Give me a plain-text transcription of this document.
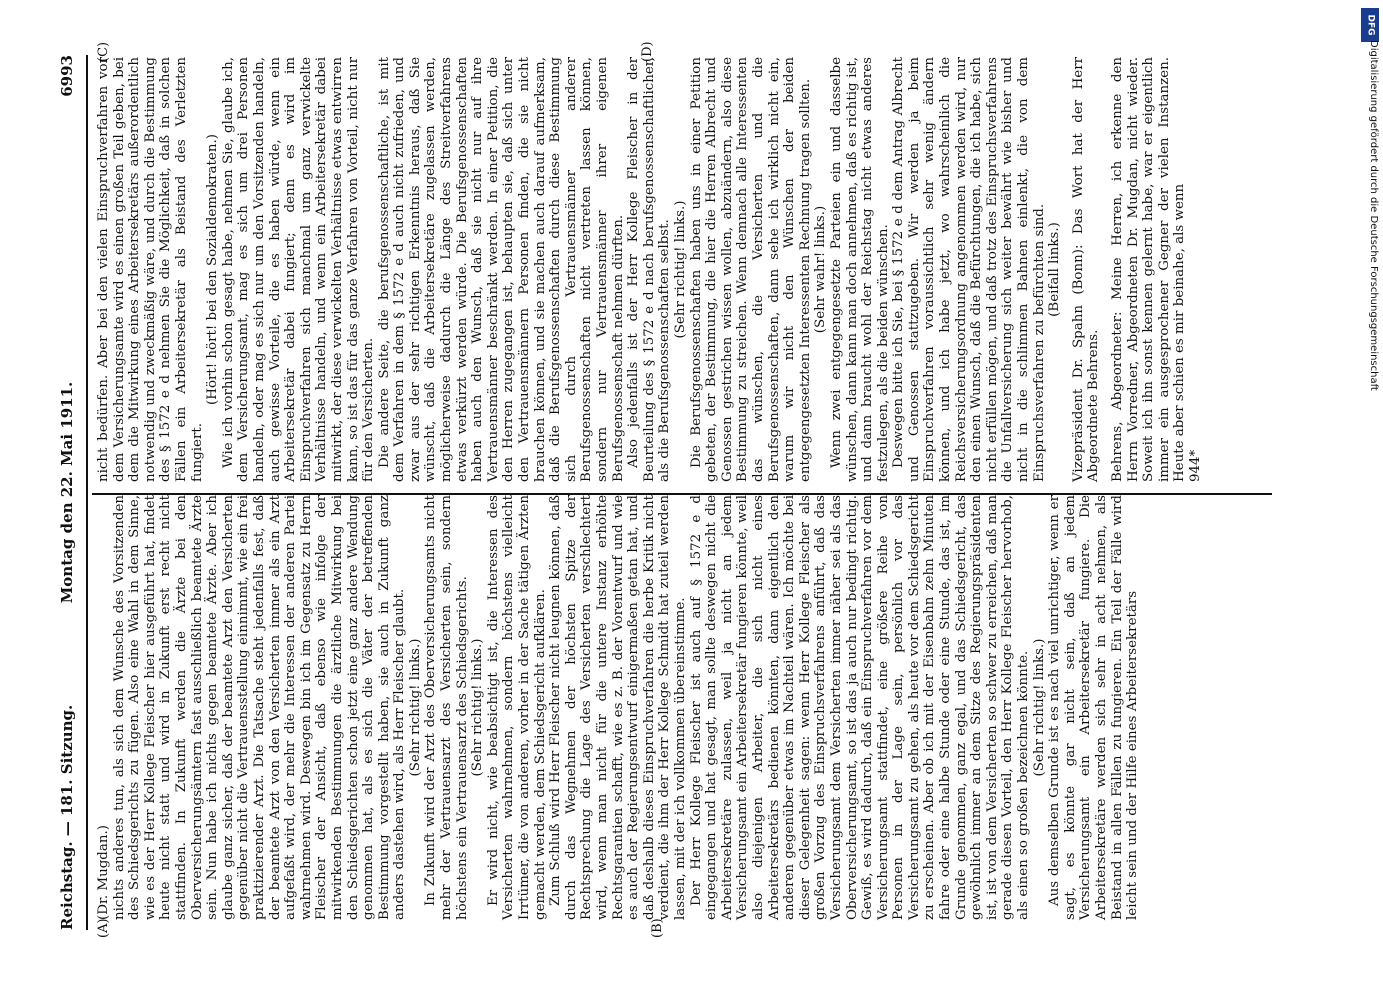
Reichstag. — 181. Sitzung.
Montag den 22. Mai 1911.
6993
(A)	(B)
(C)	(D)

(Dr. Mugdan.) nichts anderes tun, als sich dem Wunsche des Vorsitzenden des Schiedsgerichts zu fügen. Also eine Wahl in dem Sinne, wie es der Herr Kollege Fleischer hier ausgeführt hat, findet heute nicht statt und wird in Zukunft erst recht nicht stattfinden. In Zukunft werden die Ärzte bei den Oberversicherungsämtern fast ausschließlich beamtete Ärzte sein. Nun habe ich nichts gegen beamtete Ärzte. Aber ich glaube ganz sicher, daß der beamtete Arzt den Versicherten gegenüber nicht die Vertrauensstellung einnimmt, wie ein frei praktizierender Arzt. Die Tatsache steht jedenfalls fest, daß der beamtete Arzt von den Versicherten immer als ein Arzt aufgefaßt wird, der mehr die Interessen der anderen Partei wahrnehmen wird. Deswegen bin ich im Gegensatz zu Herrn Fleischer der Ansicht, daß ebenso wie infolge der mitwirkenden Bestimmungen die ärztliche Mitwirkung bei den Schiedsgerichten schon jetzt eine ganz andere Wendung genommen hat, als es sich die Väter der betreffenden Bestimmung vorgestellt haben, sie auch in Zukunft ganz anders dastehen wird, als Herr Fleischer glaubt. (Sehr richtig! links.) In Zukunft wird der Arzt des Oberversicherungsamts nicht mehr der Vertrauensarzt des Versicherten sein, sondern höchstens ein Vertrauensarzt des Schiedsgerichts. (Sehr richtig! links.) Er wird nicht, wie beabsichtigt ist, die Interessen des Versicherten wahrnehmen, sondern höchstens vielleicht Irrtümer, die von anderen, vorher in der Sache tätigen Ärzten gemacht werden, dem Schiedsgericht aufklären. Zum Schluß wird Herr Fleischer nicht leugnen können, daß durch das Wegnehmen der höchsten Spitze der Rechtsprechung die Lage des Versicherten verschlechtert wird, wenn man nicht für die untere Instanz erhöhte Rechtsgarantien schafft, wie es z. B. der Vorentwurf und wie es auch der Regierungsentwurf einigermaßen getan hat, und daß deshalb dieses Einspruchverfahren die herbe Kritik nicht verdient, die ihm der Herr Kollege Schmidt hat zuteil werden lassen, mit der ich vollkommen übereinstimme. Der Herr Kollege Fleischer ist auch auf § 1572 e d eingegangen und hat gesagt, man sollte deswegen nicht die Arbeitersekretäre zulassen, weil ja nicht an jedem Versicherungsamt ein Arbeitersekretär fungieren könnte, weil also diejenigen Arbeiter, die sich nicht eines Arbeitersekretärs bedienen könnten, dann eigentlich den anderen gegenüber etwas im Nachteil wären. Ich möchte bei dieser Gelegenheit sagen: wenn Herr Kollege Fleischer als großen Vorzug des Einspruchsverfahrens anführt, daß das Versicherungsamt dem Versicherten immer näher sei als das Oberversicherungsamt, so ist das ja auch nur bedingt richtig. Gewiß, es wird dadurch, daß ein Einspruchverfahren vor dem Versicherungsamt stattfindet, eine größere Reihe von Personen in der Lage sein, persönlich vor das Versicherungsamt zu gehen, als heute vor dem Schiedsgericht zu erscheinen. Aber ob ich mit der Eisenbahn zehn Minuten fahre oder eine halbe Stunde oder eine Stunde, das ist, im Grunde genommen, ganz egal, und das Schiedsgericht, das gewöhnlich immer an dem Sitze des Regierungspräsidenten ist, ist von dem Versicherten so schwer zu erreichen, daß man gerade diesen Vorteil, den Herr Kollege Fleischer hervorhob, als einen so großen bezeichnen könnte. (Sehr richtig! links.) Aus demselben Grunde ist es nach viel unrichtiger, wenn er sagt, es könnte gar nicht sein, daß an jedem Versicherungsamt ein Arbeitersekretär fungiere. Die Arbeitersekretäre werden sich sehr in acht nehmen, als Beistand in allen Fällen zu fungieren. Ein Teil der Fälle wird leicht sein und der Hilfe eines Arbeitersekretärs

nicht bedürfen. Aber bei den vielen Einspruchverfahren vor dem Versicherungsamte wird es einen großen Teil geben, bei dem die Mitwirkung eines Arbeitersekretärs außerordentlich notwendig und zweckmäßig wäre, und durch die Bestimmung des § 1572 e d nehmen Sie die Möglichkeit, daß in solchen Fällen ein Arbeitersekretär als Beistand des Verletzten fungiert.

(Hört! hört! bei den Sozialdemokraten.) Wie ich vorhin schon gesagt habe, nehmen Sie, glaube ich, dem Versicherungsamt, mag es sich um drei Personen handeln, oder mag es sich nur um den Vorsitzenden handeln, auch gewisse Vorteile, die es haben würde, wenn ein Arbeitersekretär dabei fungiert; denn es wird im Einspruchverfahren sich manchmal um ganz verwickelte Verhältnisse handeln, und wenn ein Arbeitersekretär dabei mitwirkt, der diese verwickelten Verhältnisse etwas entwirren kann, so ist das für das ganze Verfahren von Vorteil, nicht nur für den Versicherten. Die andere Seite, die berufsgenossenschaftliche, ist mit dem Verfahren in dem § 1572 e d auch nicht zufrieden, und zwar aus der sehr richtigen Erkenntnis heraus, daß Sie wünscht, daß die Arbeitersekretäre zugelassen werden, möglicherweise dadurch die Länge des Streitverfahrens etwas verkürzt werden würde. Die Berufsgenossenschaften haben auch den Wunsch, daß sie nicht nur auf ihre Vertrauensmänner beschränkt werden. In einer Petition, die den Herren zugegangen ist, behaupten sie, daß sich unter den Vertrauensmännern Personen finden, die sie nicht brauchen können, und sie machen auch darauf aufmerksam, daß die Berufsgenossenschaften durch diese Bestimmung sich durch Vertrauensmänner anderer Berufsgenossenschaften nicht vertreten lassen können, sondern nur Vertrauensmänner ihrer eigenen Berufsgenossenschaft nehmen dürften. Also jedenfalls ist der Herr Kollege Fleischer in der Beurteilung des § 1572 e d nach berufsgenossenschaftlicher, als die Berufsgenossenschaften selbst. (Sehr richtig! links.) Die Berufsgenossenschaften haben uns in einer Petition gebeten, der Bestimmung, die hier die Herren Albrecht und Genossen gestrichen wissen wollen, abzuändern, also diese Bestimmung zu streichen. Wenn demnach alle Interessenten das wünschen, die Versicherten und die Berufsgenossenschaften, dann sehe ich wirklich nicht ein, warum wir nicht den Wünschen der beiden entgegengesetzten Interessenten Rechnung tragen sollten. (Sehr wahr! links.) Wenn zwei entgegengesetzte Parteien ein und dasselbe wünschen, dann kann man doch annehmen, daß es richtig ist, und dann braucht wohl der Reichstag nicht etwas anderes festzulegen, als die beiden wünschen. Deswegen bitte ich Sie, bei § 1572 e d dem Antrag Albrecht und Genossen stattzugeben. Wir werden ja beim Einspruchverfahren voraussichtlich sehr wenig ändern können, und ich habe jetzt, wo wahrscheinlich die Reichsversicherungsordnung angenommen werden wird, nur den einen Wunsch, daß die Befürchtungen, die ich habe, sich nicht erfüllen mögen, und daß trotz des Einspruchsverfahrens die Unfallversicherung sich weiter bewährt wie bisher und nicht in die schlimmen Bahnen einlenkt, die von dem Einspruchsverfahren zu befürchten sind. (Beifall links.) Vizepräsident Dr. Spahn (Bonn): Das Wort hat der Herr Abgeordnete Behrens. Behrens, Abgeordneter: Meine Herren, ich erkenne den Herrn Vorredner, Abgeordneten Dr. Mugdan, nicht wieder. Soweit ich ihn sonst kennen gelernt habe, war er eigentlich immer ein ausgesprochener Gegner der vielen Instanzen. Heute aber schien es mir beinahe, als wenn 944*

DFG
Digitalisierung gefördert durch die Deutsche Forschungsgemeinschaft
